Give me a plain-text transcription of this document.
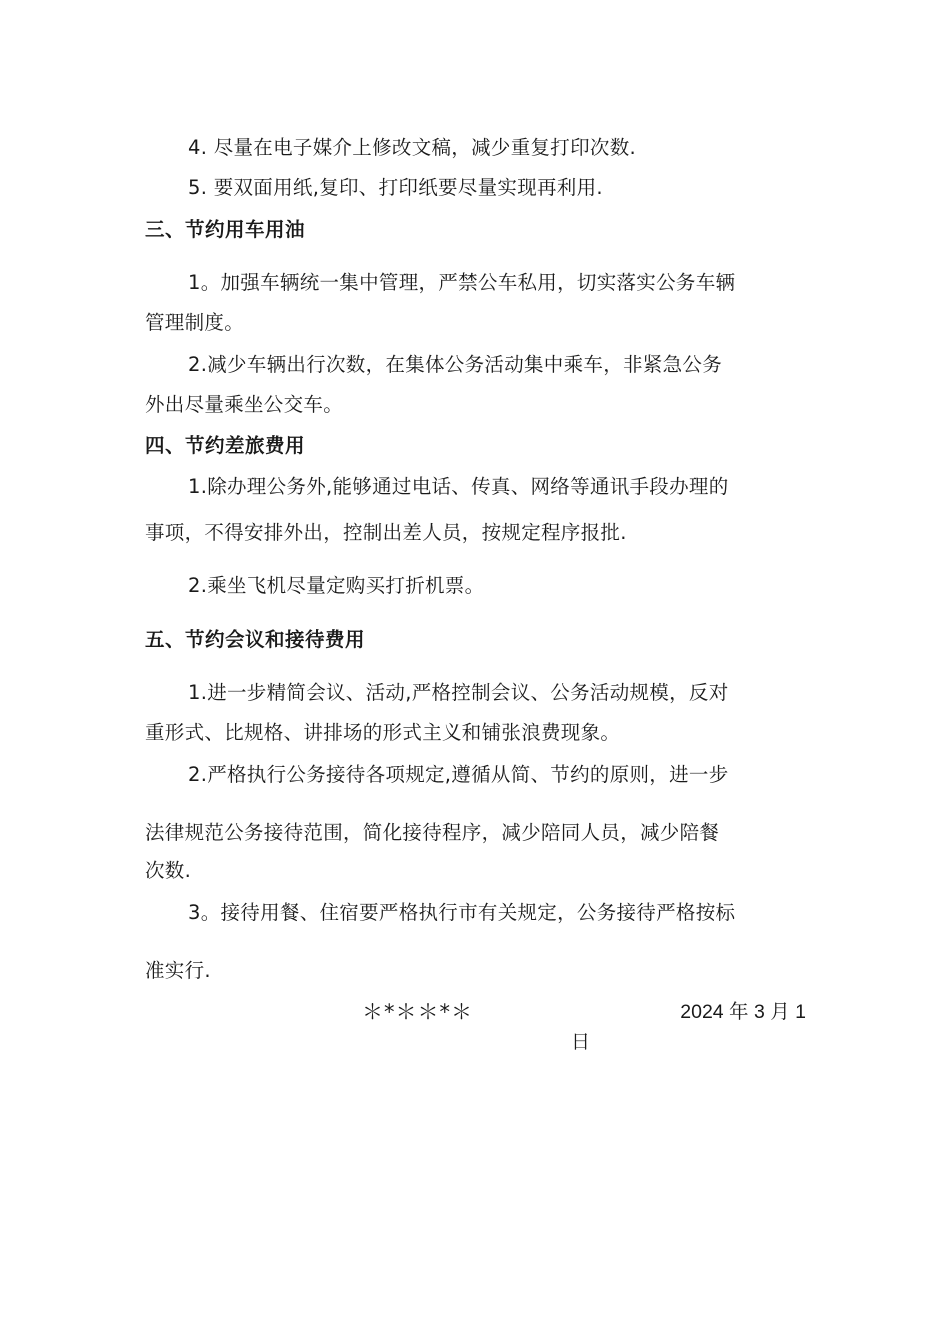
4. 尽量在电子媒介上修改文稿，减少重复打印次数.
5. 要双面用纸,复印、打印纸要尽量实现再利用.
三、节约用车用油
1。加强车辆统一集中管理，严禁公车私用，切实落实公务车辆
管理制度。
2.减少车辆出行次数，在集体公务活动集中乘车，非紧急公务
外出尽量乘坐公交车。
四、节约差旅费用
1.除办理公务外,能够通过电话、传真、网络等通讯手段办理的
事项，不得安排外出，控制出差人员，按规定程序报批.
2.乘坐飞机尽量定购买打折机票。
五、节约会议和接待费用
1.进一步精简会议、活动,严格控制会议、公务活动规模，反对
重形式、比规格、讲排场的形式主义和铺张浪费现象。
2.严格执行公务接待各项规定,遵循从简、节约的原则，进一步
法律规范公务接待范围，简化接待程序，减少陪同人员，减少陪餐
次数.
3。接待用餐、住宿要严格执行市有关规定，公务接待严格按标
准实行.
＊*＊＊*＊	2024 年 3 月 1
日
